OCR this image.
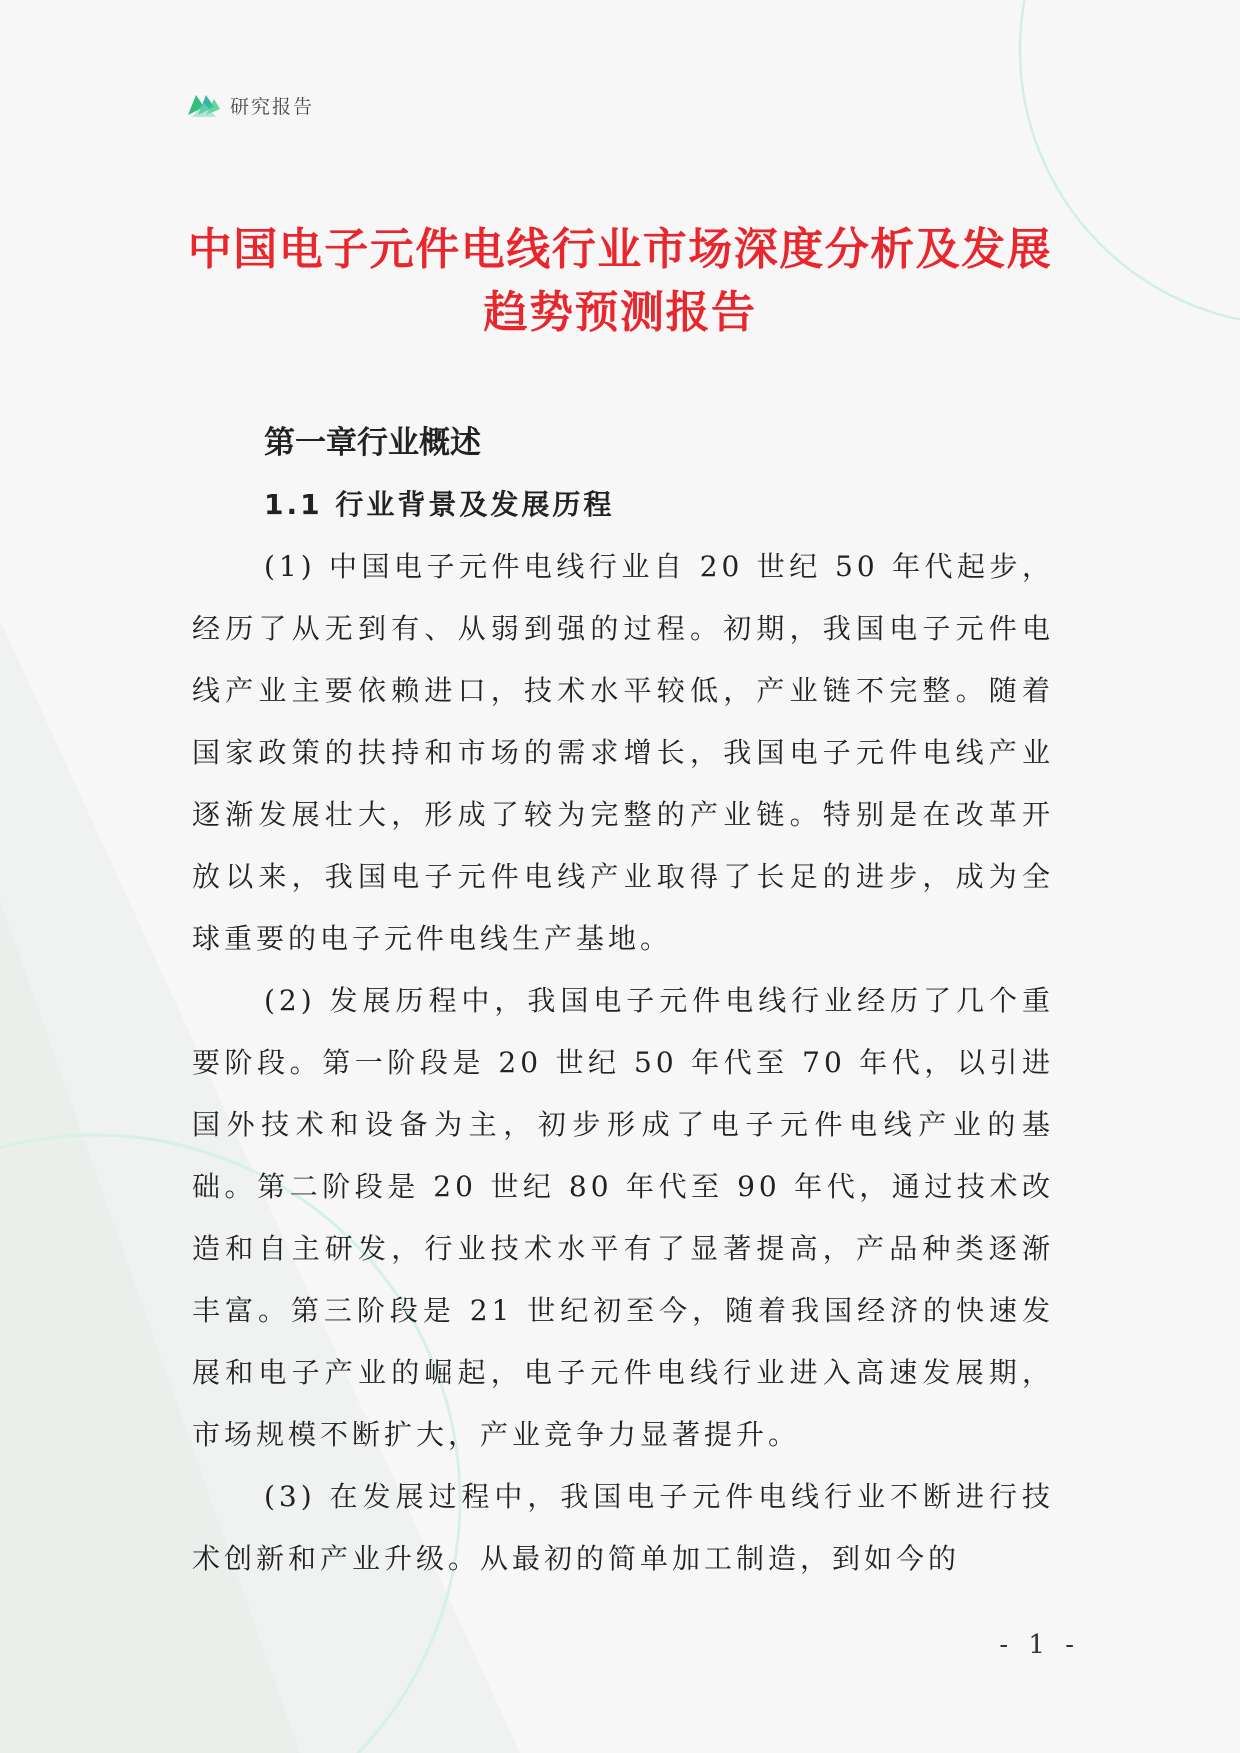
研究报告
中国电子元件电线行业市场深度分析及发展趋势预测报告
第一章行业概述
1.1 行业背景及发展历程

(1) 中国电子元件电线行业自 20 世纪 50 年代起步，经历了从无到有、从弱到强的过程。初期，我国电子元件电线产业主要依赖进口，技术水平较低，产业链不完整。随着国家政策的扶持和市场的需求增长，我国电子元件电线产业逐渐发展壮大，形成了较为完整的产业链。特别是在改革开放以来，我国电子元件电线产业取得了长足的进步，成为全球重要的电子元件电线生产基地。

(2) 发展历程中，我国电子元件电线行业经历了几个重要阶段。第一阶段是 20 世纪 50 年代至 70 年代，以引进国外技术和设备为主，初步形成了电子元件电线产业的基础。第二阶段是 20 世纪 80 年代至 90 年代，通过技术改造和自主研发，行业技术水平有了显著提高，产品种类逐渐丰富。第三阶段是 21 世纪初至今，随着我国经济的快速发展和电子产业的崛起，电子元件电线行业进入高速发展期，市场规模不断扩大，产业竞争力显著提升。

(3) 在发展过程中，我国电子元件电线行业不断进行技术创新和产业升级。从最初的简单加工制造，到如今的

- 1 -
